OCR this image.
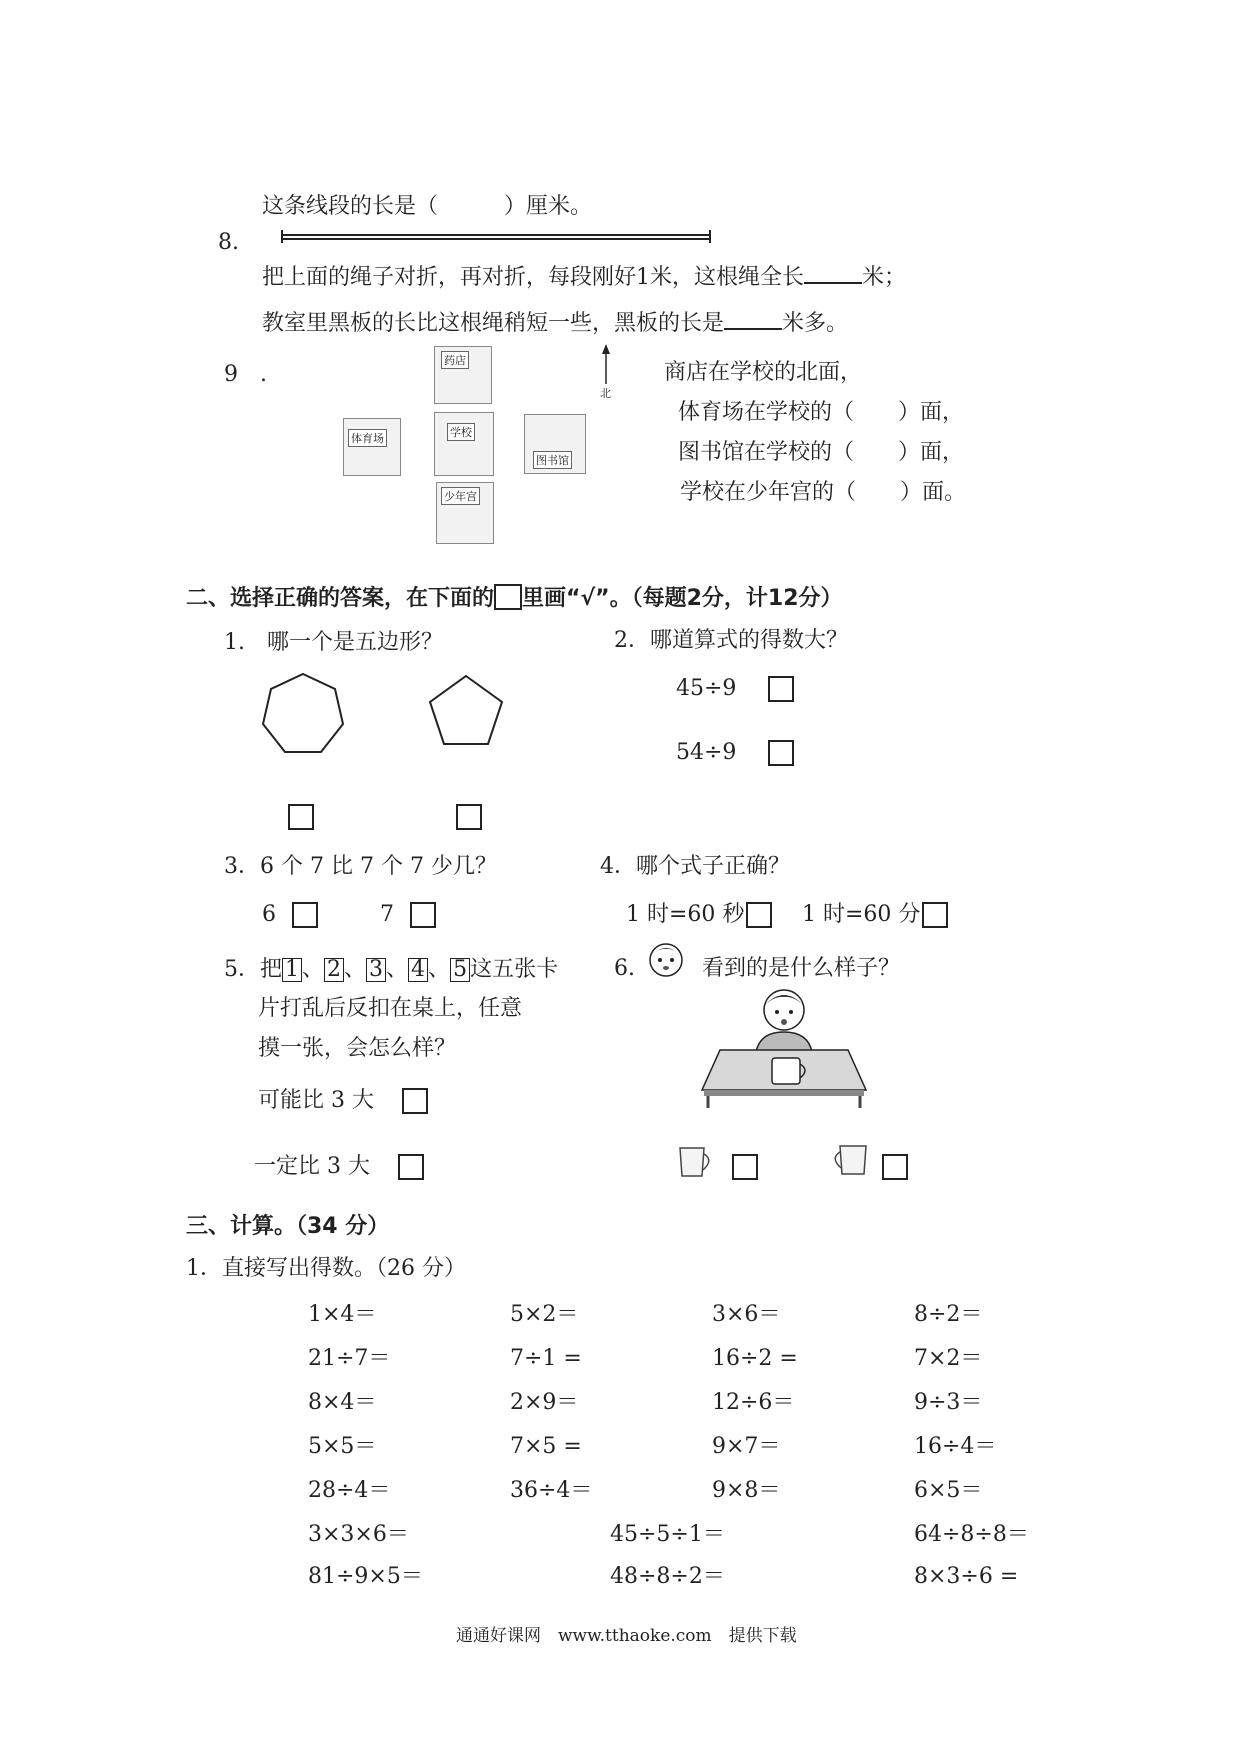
这条线段的长是（　　　）厘米。
8.
把上面的绳子对折，再对折，每段刚好1米，这根绳全长	米；
教室里黑板的长比这根绳稍短一些，黑板的长是	米多。
9 .
药店
体育场	学校
图书馆
少年宫
北
商店在学校的北面，
体育场在学校的（　　）面，
图书馆在学校的（　　）面，
学校在少年宫的（　　）面。
二、选择正确的答案，在下面的 里画“√”。（每题2分，计12分）
1.　哪一个是五边形？	2．哪道算式的得数大？
45÷9
54÷9
3．6 个 7 比 7 个 7 少几？
6	7
4．哪个式子正确？
1 时=60 秒	1 时=60 分
5．把 1 、 2 、 3 、 4 、 5 这五张卡
片打乱后反扣在桌上，任意
摸一张，会怎么样？
可能比 3 大
一定比 3 大
6.	看到的是什么样子？
三、计算。（34 分）
1．直接写出得数。（26 分）
1×4＝	5×2＝	3×6＝	8÷2＝
21÷7＝	7÷1 =	16÷2 =	7×2＝
8×4＝	2×9＝	12÷6＝	9÷3＝
5×5＝	7×5 =	9×7＝	16÷4＝
28÷4＝	36÷4＝	9×8＝	6×5＝
3×3×6＝	45÷5÷1＝	64÷8÷8＝
81÷9×5＝	48÷8÷2＝	8×3÷6 =
通通好课网　www.tthaoke.com　提供下载
